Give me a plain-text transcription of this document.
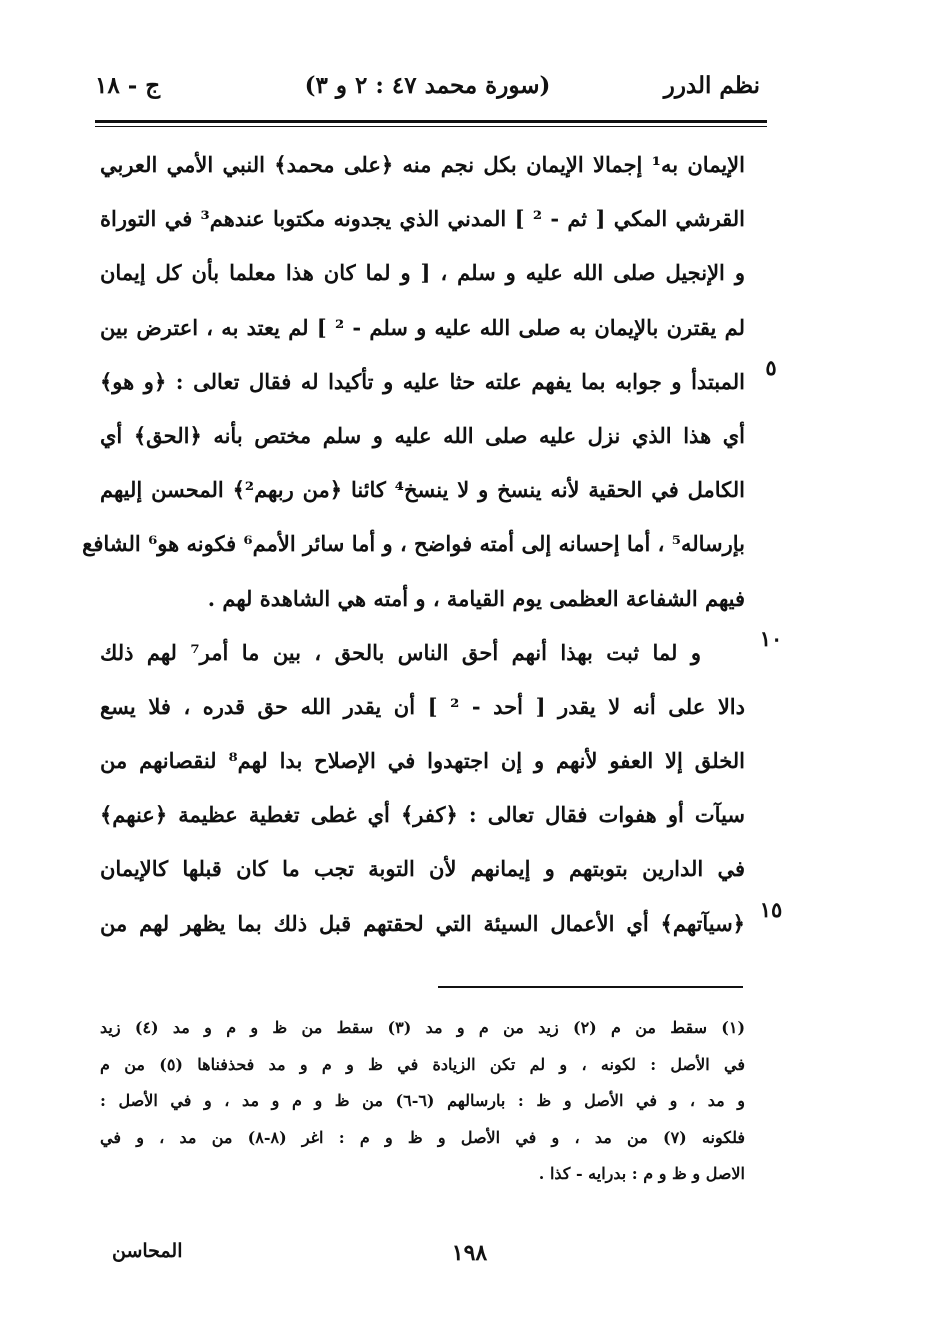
نظم الدرر
(سورة محمد ٤٧ : ٢ و ٣)
ج - ١٨
الإيمان به¹ إجمالا الإيمان بكل نجم منه ﴿على محمد﴾ النبي الأمي العربي
القرشي المكي [ ثم - ² ] المدني الذي يجدونه مكتوبا عندهم³ في التوراة
و الإنجيل صلى الله عليه و سلم ، [ و لما كان هذا معلما بأن كل إيمان
لم يقترن بالإيمان به صلى الله عليه و سلم - ² ] لم يعتد به ، اعترض بين
المبتدأ و جوابه بما يفهم علته حثا عليه و تأكيدا له فقال تعالى : ﴿و هو﴾
أي هذا الذي نزل عليه صلى الله عليه و سلم مختص بأنه ﴿الحق﴾ أي
الكامل في الحقية لأنه ينسخ و لا ينسخ⁴ كائنا ﴿من ربهم²﴾ المحسن إليهم
بإرساله⁵ ، أما إحسانه إلى أمته فواضح ، و أما سائر الأمم⁶ فكونه هو⁶ الشافع
فيهم الشفاعة العظمى يوم القيامة ، و أمته هي الشاهدة لهم .
و لما ثبت بهذا أنهم أحق الناس بالحق ، بين ما أمر⁷ لهم ذلك
دالا على أنه لا يقدر [ أحد - ² ] أن يقدر الله حق قدره ، فلا يسع
الخلق إلا العفو لأنهم و إن اجتهدوا في الإصلاح بدا لهم⁸ لنقصانهم من
سيآت أو هفوات فقال تعالى : ﴿كفر﴾ أي غطى تغطية عظيمة ﴿عنهم﴾
في الدارين بتوبتهم و إيمانهم لأن التوبة تجب ما كان قبلها كالإيمان
﴿سيآتهم﴾ أي الأعمال السيئة التي لحقتهم قبل ذلك بما يظهر لهم من
٥
١٠
١٥
(١) سقط من م (٢) زيد من م و مد (٣) سقط من ظ و م و مد (٤) زيد
في الأصل : لكونه ، و لم تكن الزيادة في ظ و م و مد فحذفناها (٥) من م
و مد ، و في الأصل و ظ : بارسالهم (٦-٦) من ظ و م و مد ، و في الأصل :
فلكونه (٧) من مد ، و في الأصل و ظ و م : اغر (٨-٨) من مد ، و في
الاصل و ظ و م : بدرايه - كذا .
١٩٨
المحاسن
